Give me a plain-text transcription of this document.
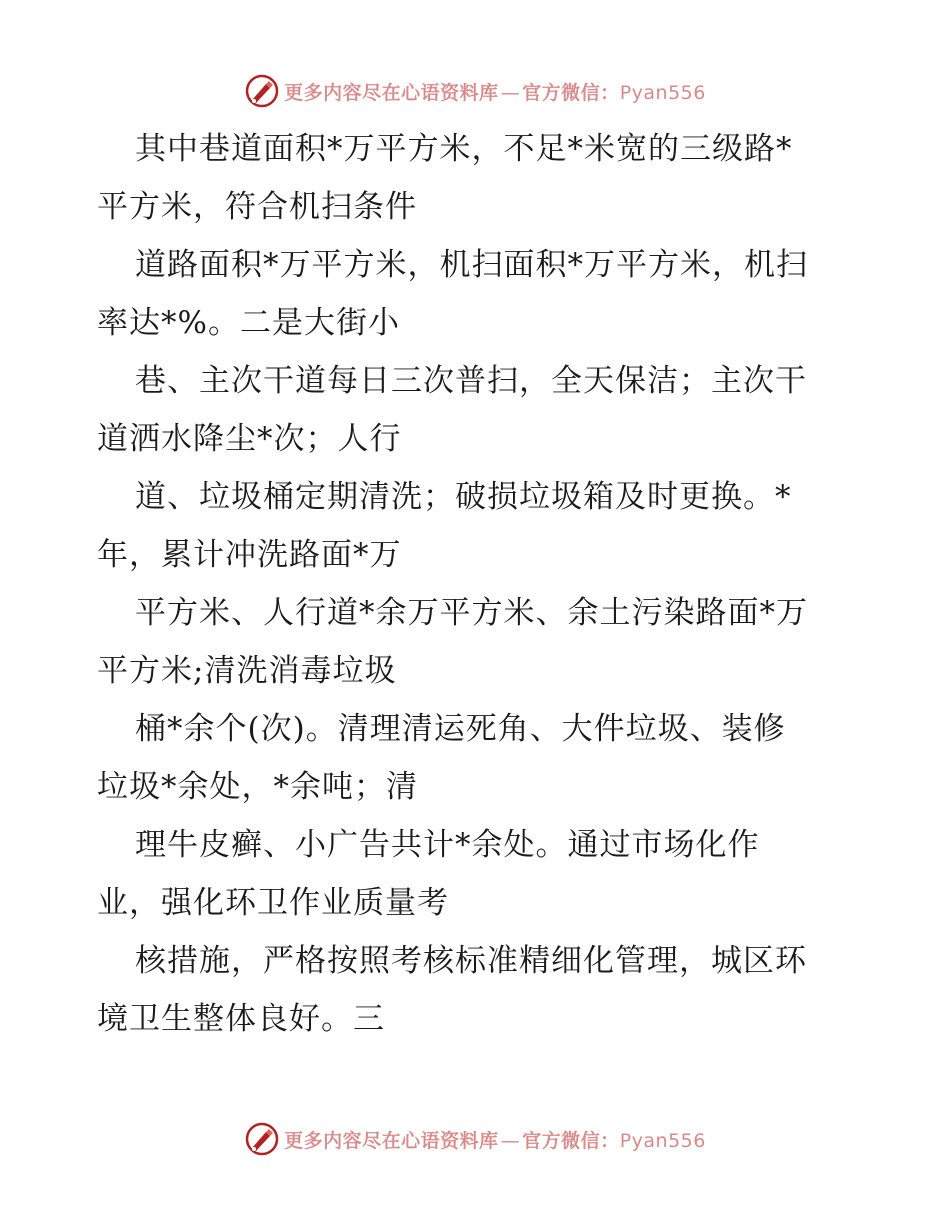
更多内容尽在心语资料库 — 官方微信：Pyan556
其中巷道面积*万平方米，不足*米宽的三级路*
平方米，符合机扫条件
道路面积*万平方米，机扫面积*万平方米，机扫
率达*%。二是大街小
巷、主次干道每日三次普扫，全天保洁；主次干
道洒水降尘*次；人行
道、垃圾桶定期清洗；破损垃圾箱及时更换。*
年，累计冲洗路面*万
平方米、人行道*余万平方米、余土污染路面*万
平方米;清洗消毒垃圾
桶*余个(次)。清理清运死角、大件垃圾、装修
垃圾*余处，*余吨；清
理牛皮癣、小广告共计*余处。通过市场化作
业，强化环卫作业质量考
核措施，严格按照考核标准精细化管理，城区环
境卫生整体良好。三
更多内容尽在心语资料库 — 官方微信：Pyan556
